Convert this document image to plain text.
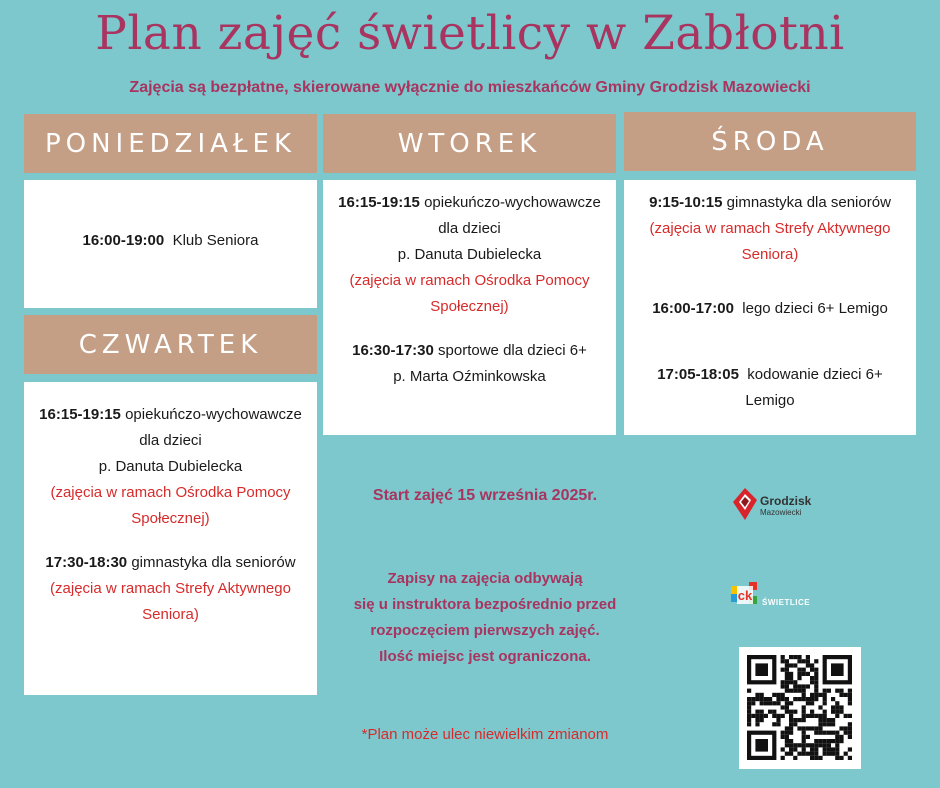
Plan zajęć świetlicy w Zabłotni
Zajęcia są bezpłatne, skierowane wyłącznie do mieszkańców Gminy Grodzisk Mazowiecki
PONIEDZIAŁEK
16:00-19:00 Klub Seniora
CZWARTEK
16:15-19:15 opiekuńczo-wychowawcze
dla dzieci
p. Danuta Dubielecka
(zajęcia w ramach Ośrodka Pomocy
Społecznej)
17:30-18:30 gimnastyka dla seniorów
(zajęcia w ramach Strefy Aktywnego
Seniora)
WTOREK
16:15-19:15 opiekuńczo-wychowawcze
dla dzieci
p. Danuta Dubielecka
(zajęcia w ramach Ośrodka Pomocy
Społecznej)
16:30-17:30 sportowe dla dzieci 6+
p. Marta Oźminkowska
ŚRODA
9:15-10:15 gimnastyka dla seniorów
(zajęcia w ramach Strefy Aktywnego
Seniora)
16:00-17:00 lego dzieci 6+ Lemigo
17:05-18:05 kodowanie dzieci 6+
Lemigo
Start zajęć 15 września 2025r.
Zapisy na zajęcia odbywają
się u instruktora bezpośrednio przed
rozpoczęciem pierwszych zajęć.
Ilość miejsc jest ograniczona.
*Plan może ulec niewielkim zmianom
Grodzisk
Mazowiecki
ck ŚWIETLICE
